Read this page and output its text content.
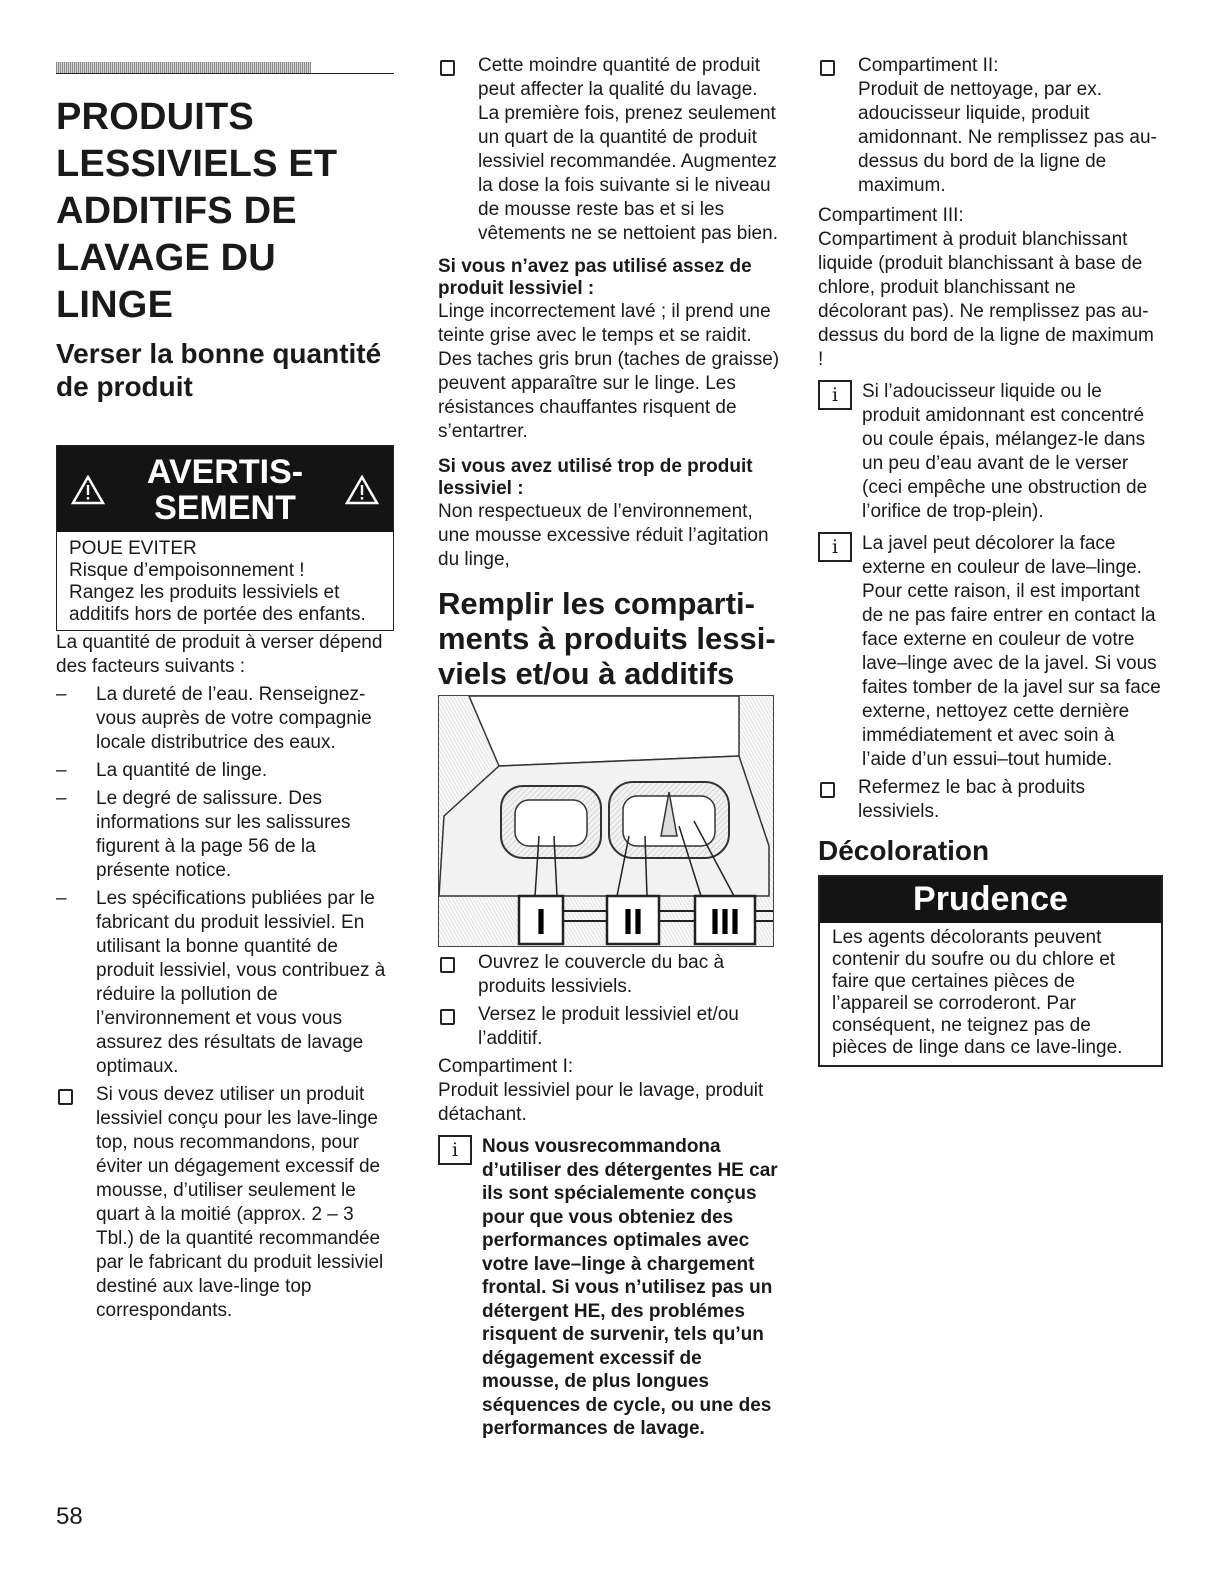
PRODUITS LESSIVIELS ET ADDITIFS DE LAVAGE DU LINGE
Verser la bonne quantité de produit
AVERTIS-
SEMENT
POUE EVITER
Risque d’empoisonnement !
Rangez les produits lessiviels et additifs hors de portée des enfants.

La quantité de produit à verser dépend des facteurs suivants :

–	La dureté de l’eau. Renseignez-vous auprès de votre compagnie locale distributrice des eaux.
–	La quantité de linge.
–	Le degré de salissure. Des informations sur les salissures figurent à la page 56 de la présente notice.
–	Les spécifications publiées par le fabricant du produit lessiviel. En utilisant la bonne quantité de produit lessiviel, vous contribuez à réduire la pollution de l’environnement et vous vous assurez des résultats de lavage optimaux.
Si vous devez utiliser un produit lessiviel conçu pour les lave-linge top, nous recommandons, pour éviter un dégagement excessif de mousse, d’utiliser seulement le quart à la moitié (approx. 2 – 3 Tbl.) de la quantité recommandée par le fabricant du produit lessiviel destiné aux lave-linge top correspondants.
Cette moindre quantité de produit peut affecter la qualité du lavage. La première fois, prenez seulement un quart de la quantité de produit lessiviel recommandée. Augmentez la dose la fois suivante si le niveau de mousse reste bas et si les vêtements ne se nettoient pas bien.
Si vous n’avez pas utilisé assez de produit lessiviel :

Linge incorrectement lavé ; il prend une teinte grise avec le temps et se raidit. Des taches gris brun (taches de graisse) peuvent apparaître sur le linge. Les résistances chauffantes risquent de s’entartrer.

Si vous avez utilisé trop de produit lessiviel :

Non respectueux de l’environnement, une mousse excessive réduit l’agitation du linge,

Remplir les comparti-
ments à produits lessi-
viels et/ou à additifs
I II III
Ouvrez le couvercle du bac à produits lessiviels.
Versez le produit lessiviel et/ou l’additif.

Compartiment I:

Produit lessiviel pour le lavage, produit détachant.

i	Nous vousrecommandona d’utiliser des détergentes HE car ils sont spécialemente conçus pour que vous obteniez des performances optimales avec votre lave–linge à chargement frontal. Si vous n’utilisez pas un détergent HE, des problémes risquent de survenir, tels qu’un dégagement excessif de mousse, de plus longues séquences de cycle, ou une des performances de lavage.
Compartiment II:
Produit de nettoyage, par ex. adoucisseur liquide, produit amidonnant. Ne remplissez pas au-dessus du bord de la ligne de maximum.

Compartiment III:

Compartiment à produit blanchissant liquide (produit blanchissant à base de chlore, produit blanchissant ne décolorant pas). Ne remplissez pas au-dessus du bord de la ligne de maximum !

i	Si l’adoucisseur liquide ou le produit amidonnant est concentré ou coule épais, mélangez-le dans un peu d’eau avant de le verser (ceci empêche une obstruction de l’orifice de trop-plein).
i	La javel peut décolorer la face externe en couleur de lave–linge. Pour cette raison, il est important de ne pas faire entrer en contact la face externe en couleur de votre lave–linge avec de la javel. Si vous faites tomber de la javel sur sa face externe, nettoyez cette dernière immédiatement et avec soin à l’aide d’un essui–tout humide.
Refermez le bac à produits lessiviels.
Décoloration
Prudence
Les agents décolorants peuvent contenir du soufre ou du chlore et faire que certaines pièces de l’appareil se corroderont. Par conséquent, ne teignez pas de pièces de linge dans ce lave-linge.
58
